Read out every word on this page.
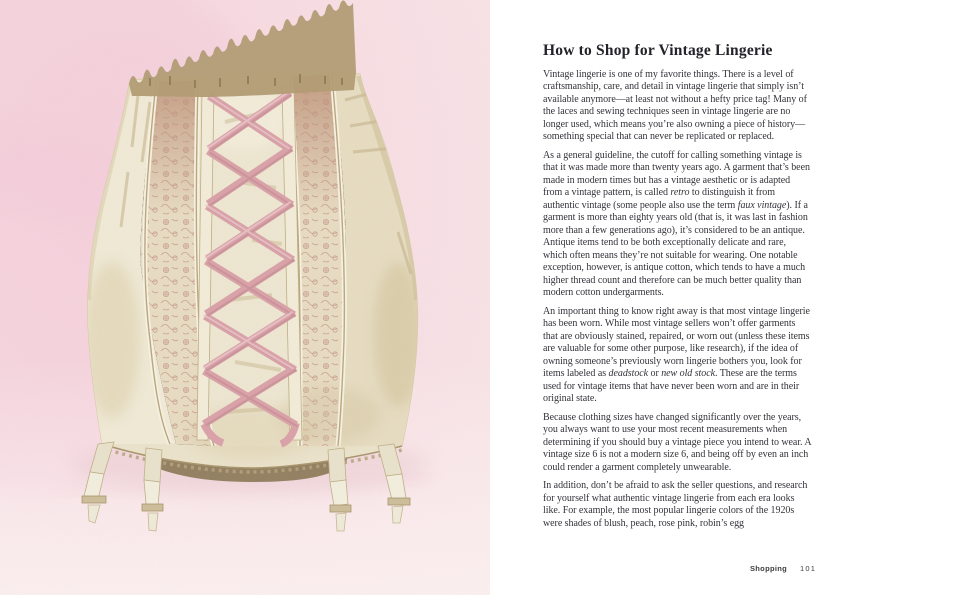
How to Shop for Vintage Lingerie

Vintage lingerie is one of my favorite things. There is a level of craftsmanship, care, and detail in vintage lingerie that simply isn’t available anymore—at least not without a hefty price tag! Many of the laces and sewing techniques seen in vintage lingerie are no longer used, which means you’re also owning a piece of history—something special that can never be replicated or replaced.

As a general guideline, the cutoff for calling something vintage is that it was made more than twenty years ago. A garment that’s been made in modern times but has a vintage aesthetic or is adapted from a vintage pattern, is called retro to distinguish it from authentic vintage (some people also use the term faux vintage). If a garment is more than eighty years old (that is, it was last in fashion more than a few generations ago), it’s considered to be an antique. Antique items tend to be both exceptionally delicate and rare, which often means they’re not suitable for wearing. One notable exception, however, is antique cotton, which tends to have a much higher thread count and therefore can be much better quality than modern cotton undergarments.

An important thing to know right away is that most vintage lingerie has been worn. While most vintage sellers won’t offer garments that are obviously stained, repaired, or worn out (unless these items are valuable for some other purpose, like research), if the idea of owning someone’s previously worn lingerie bothers you, look for items labeled as deadstock or new old stock. These are the terms used for vintage items that have never been worn and are in their original state.

Because clothing sizes have changed significantly over the years, you always want to use your most recent measurements when determining if you should buy a vintage piece you intend to wear. A vintage size 6 is not a modern size 6, and being off by even an inch could render a garment completely unwearable.

In addition, don’t be afraid to ask the seller questions, and research for yourself what authentic vintage lingerie from each era looks like. For example, the most popular lingerie colors of the 1920s were shades of blush, peach, rose pink, robin’s egg

Shopping 101
